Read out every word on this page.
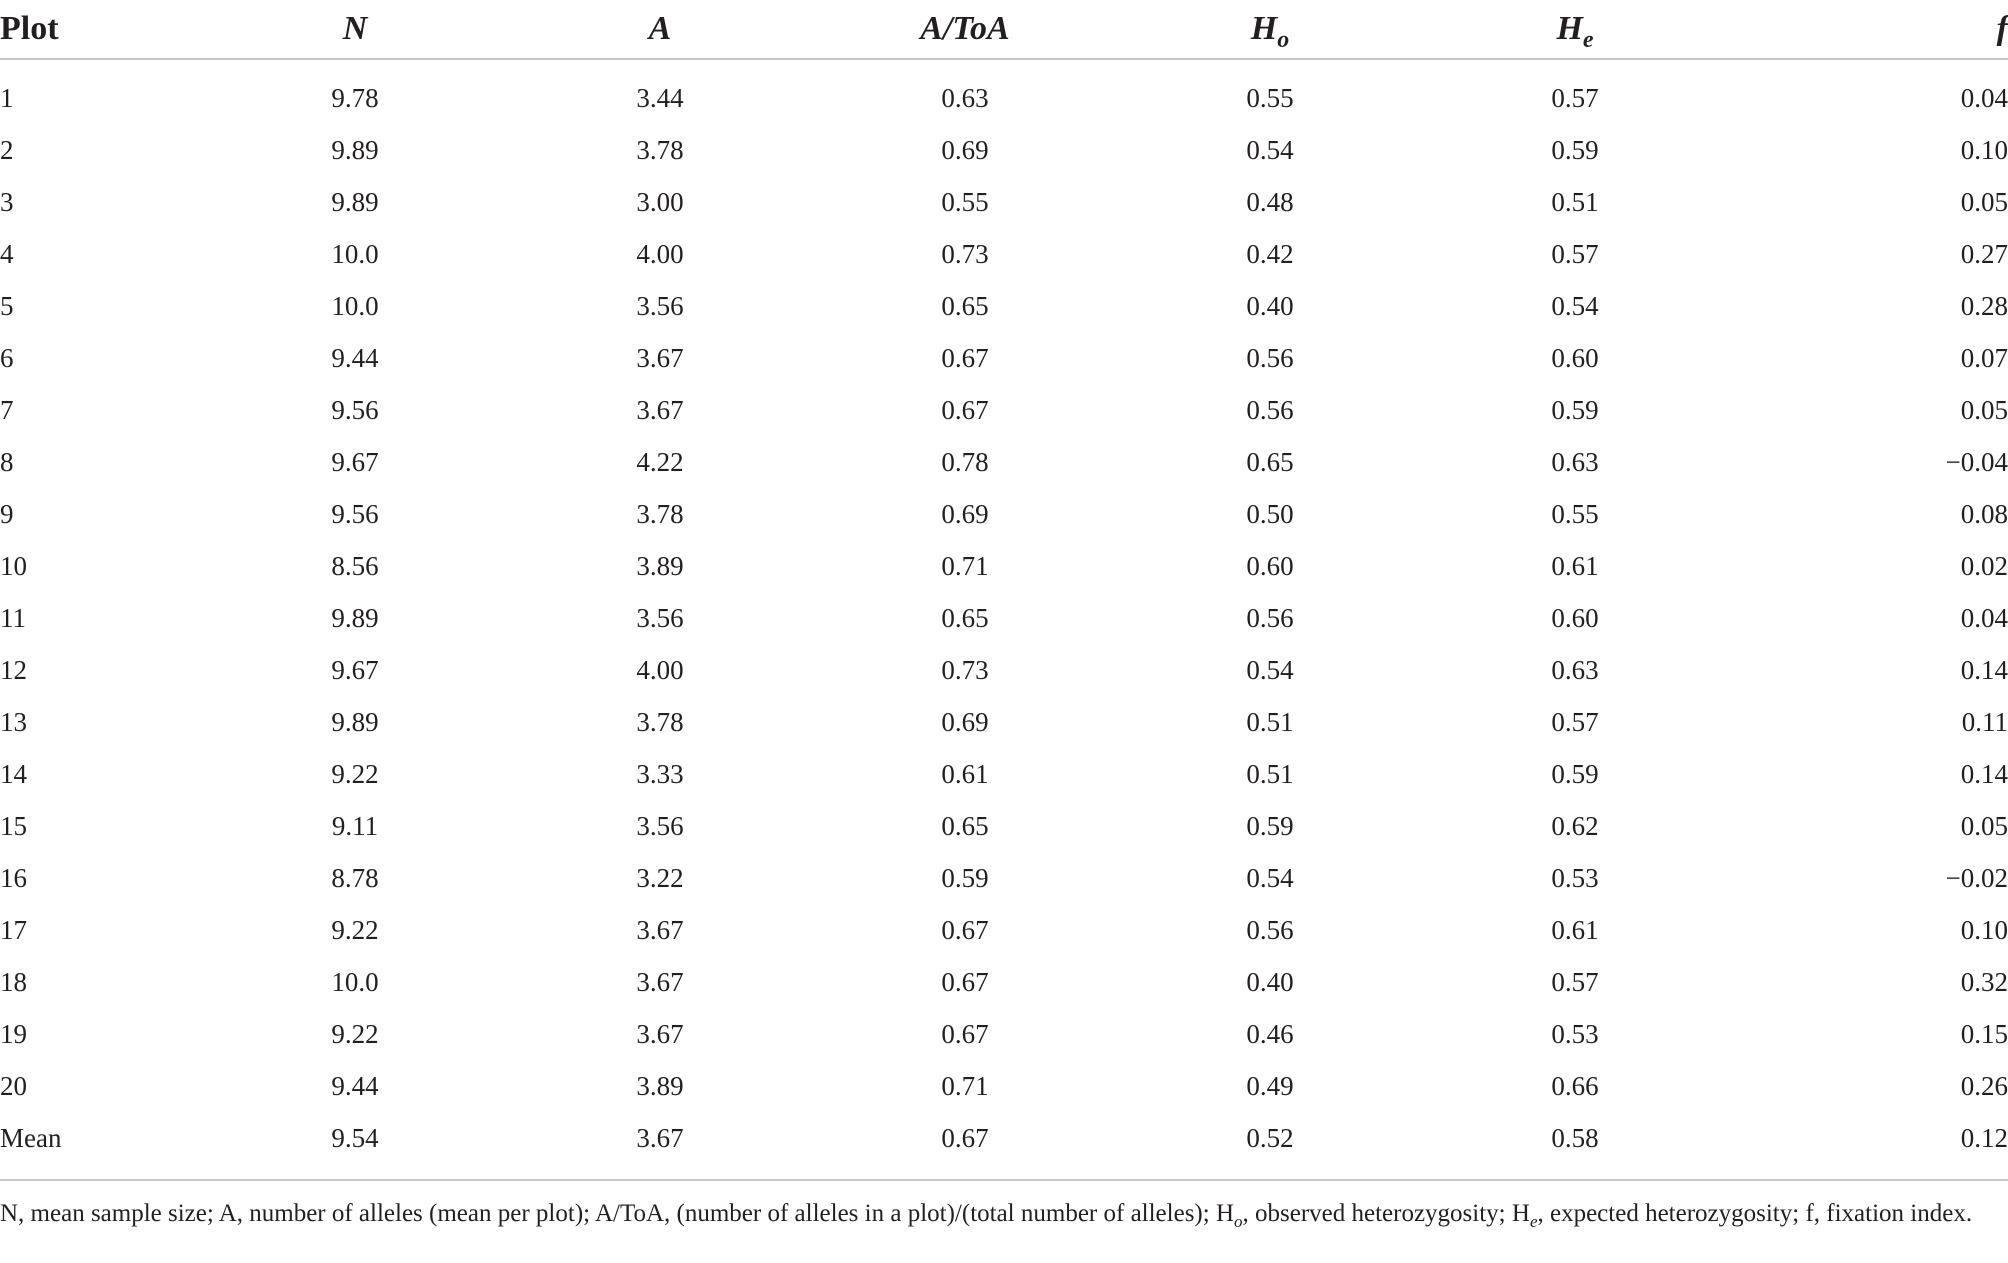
Plot	N	A	A/ToA	$H_o$	$H_e$	f
1	9.78	3.44	0.63	0.55	0.57	0.04
2	9.89	3.78	0.69	0.54	0.59	0.10
3	9.89	3.00	0.55	0.48	0.51	0.05
4	10.0	4.00	0.73	0.42	0.57	0.27
5	10.0	3.56	0.65	0.40	0.54	0.28
6	9.44	3.67	0.67	0.56	0.60	0.07
7	9.56	3.67	0.67	0.56	0.59	0.05
8	9.67	4.22	0.78	0.65	0.63	−0.04
9	9.56	3.78	0.69	0.50	0.55	0.08
10	8.56	3.89	0.71	0.60	0.61	0.02
11	9.89	3.56	0.65	0.56	0.60	0.04
12	9.67	4.00	0.73	0.54	0.63	0.14
13	9.89	3.78	0.69	0.51	0.57	0.11
14	9.22	3.33	0.61	0.51	0.59	0.14
15	9.11	3.56	0.65	0.59	0.62	0.05
16	8.78	3.22	0.59	0.54	0.53	−0.02
17	9.22	3.67	0.67	0.56	0.61	0.10
18	10.0	3.67	0.67	0.40	0.57	0.32
19	9.22	3.67	0.67	0.46	0.53	0.15
20	9.44	3.89	0.71	0.49	0.66	0.26
Mean	9.54	3.67	0.67	0.52	0.58	0.12
N, mean sample size; A, number of alleles (mean per plot); A/ToA, (number of alleles in a plot)/(total number of alleles); $H_o$, observed heterozygosity; $H_e$, expected heterozygosity; f, fixation index.
